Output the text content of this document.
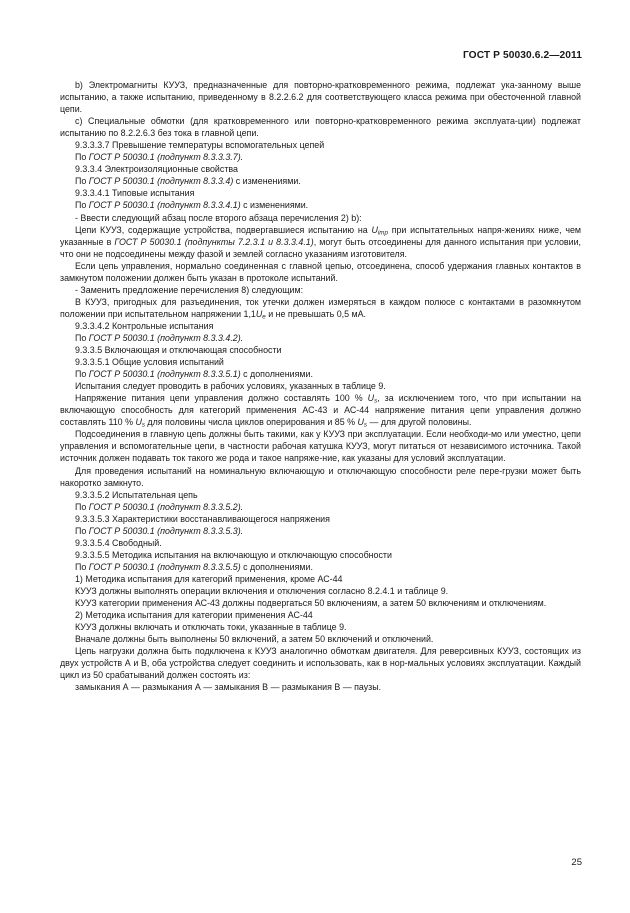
ГОСТ Р 50030.6.2—2011

b) Электромагниты КУУЗ, предназначенные для повторно-кратковременного режима, подлежат ука-занному выше испытанию, а также испытанию, приведенному в 8.2.2.6.2 для соответствующего класса режима при обесточенной главной цепи.

c) Специальные обмотки (для кратковременного или повторно-кратковременного режима эксплуата-ции) подлежат испытанию по 8.2.2.6.3 без тока в главной цепи.

9.3.3.3.7 Превышение температуры вспомогательных цепей

По ГОСТ Р 50030.1 (подпункт 8.3.3.3.7).

9.3.3.4 Электроизоляционные свойства

По ГОСТ Р 50030.1 (подпункт 8.3.3.4) с изменениями.

9.3.3.4.1 Типовые испытания

По ГОСТ Р 50030.1 (подпункт 8.3.3.4.1) с изменениями.

- Ввести следующий абзац после второго абзаца перечисления 2) b):

Цепи КУУЗ, содержащие устройства, подвергавшиеся испытанию на $U_{imp}$ при испытательных напря-жениях ниже, чем указанные в ГОСТ Р 50030.1 (подпункты 7.2.3.1 и 8.3.3.4.1), могут быть отсоединены для данного испытания при условии, что они не подсоединены между фазой и землей согласно указаниям изготовителя.

Если цепь управления, нормально соединенная с главной цепью, отсоединена, способ удержания главных контактов в замкнутом положении должен быть указан в протоколе испытаний.

- Заменить предложение перечисления 8) следующим:

В КУУЗ, пригодных для разъединения, ток утечки должен измеряться в каждом полюсе с контактами в разомкнутом положении при испытательном напряжении $1,1U_e$ и не превышать 0,5 мА.

9.3.3.4.2 Контрольные испытания

По ГОСТ Р 50030.1 (подпункт 8.3.3.4.2).

9.3.3.5 Включающая и отключающая способности

9.3.3.5.1 Общие условия испытаний

По ГОСТ Р 50030.1 (подпункт 8.3.3.5.1) с дополнениями.

Испытания следует проводить в рабочих условиях, указанных в таблице 9.

Напряжение питания цепи управления должно составлять 100 % $U_s$, за исключением того, что при испытании на включающую способность для категорий применения АС-43 и АС-44 напряжение питания цепи управления должно составлять 110 % $U_s$ для половины числа циклов оперирования и 85 % $U_s$ — для другой половины.

Подсоединения в главную цепь должны быть такими, как у КУУЗ при эксплуатации. Если необходи-мо или уместно, цепи управления и вспомогательные цепи, в частности рабочая катушка КУУЗ, могут питаться от независимого источника. Такой источник должен подавать ток такого же рода и такое напряже-ние, как указаны для условий эксплуатации.

Для проведения испытаний на номинальную включающую и отключающую способности реле пере-грузки может быть накоротко замкнуто.

9.3.3.5.2 Испытательная цепь

По ГОСТ Р 50030.1 (подпункт 8.3.3.5.2).

9.3.3.5.3 Характеристики восстанавливающегося напряжения

По ГОСТ Р 50030.1 (подпункт 8.3.3.5.3).

9.3.3.5.4 Свободный.

9.3.3.5.5 Методика испытания на включающую и отключающую способности

По ГОСТ Р 50030.1 (подпункт 8.3.3.5.5) с дополнениями.

1) Методика испытания для категорий применения, кроме АС-44

КУУЗ должны выполнять операции включения и отключения согласно 8.2.4.1 и таблице 9.

КУУЗ категории применения АС-43 должны подвергаться 50 включениям, а затем 50 включениям и отключениям.

2) Методика испытания для категории применения АС-44

КУУЗ должны включать и отключать токи, указанные в таблице 9.

Вначале должны быть выполнены 50 включений, а затем 50 включений и отключений.

Цепь нагрузки должна быть подключена к КУУЗ аналогично обмоткам двигателя. Для реверсивных КУУЗ, состоящих из двух устройств А и В, оба устройства следует соединить и использовать, как в нор-мальных условиях эксплуатации. Каждый цикл из 50 срабатываний должен состоять из:

замыкания А — размыкания А — замыкания В — размыкания В — паузы.

25
